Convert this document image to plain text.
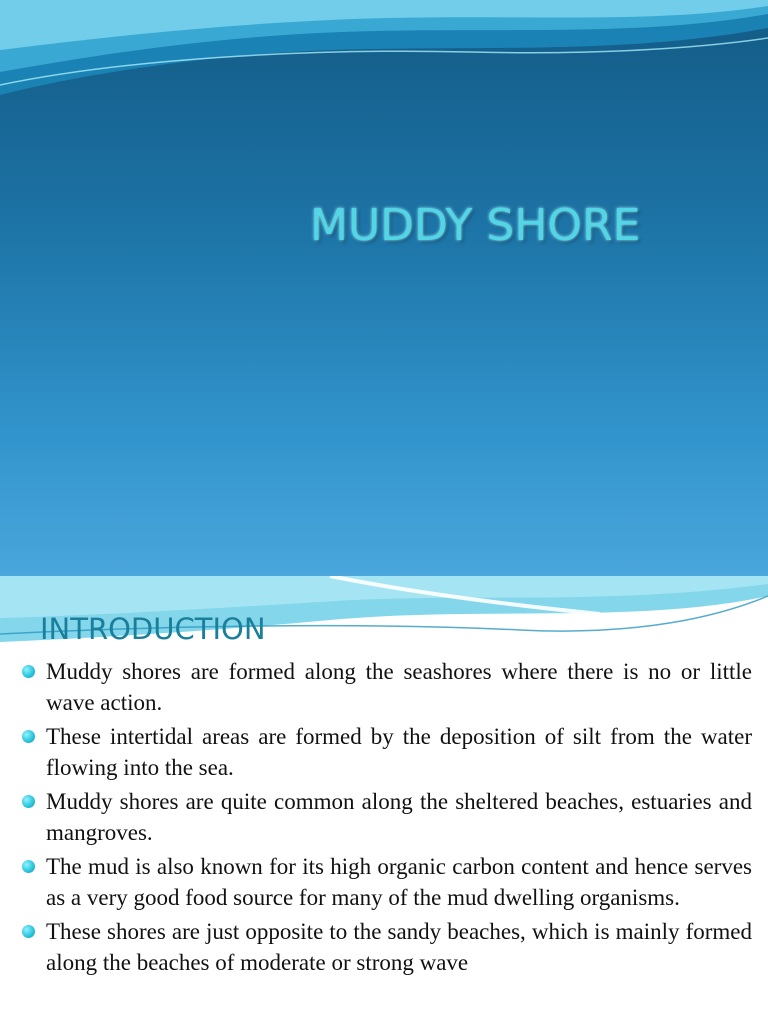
MUDDY SHORE
INTRODUCTION
Muddy shores are formed along the seashores where there is no or little wave action.
These intertidal areas are formed by the deposition of silt from the water flowing into the sea.
Muddy shores are quite common along the sheltered beaches, estuaries and mangroves.
The mud is also known for its high organic carbon content and hence serves as a very good food source for many of the mud dwelling organisms.
These shores are just opposite to the sandy beaches, which is mainly formed along the beaches of moderate or strong wave
